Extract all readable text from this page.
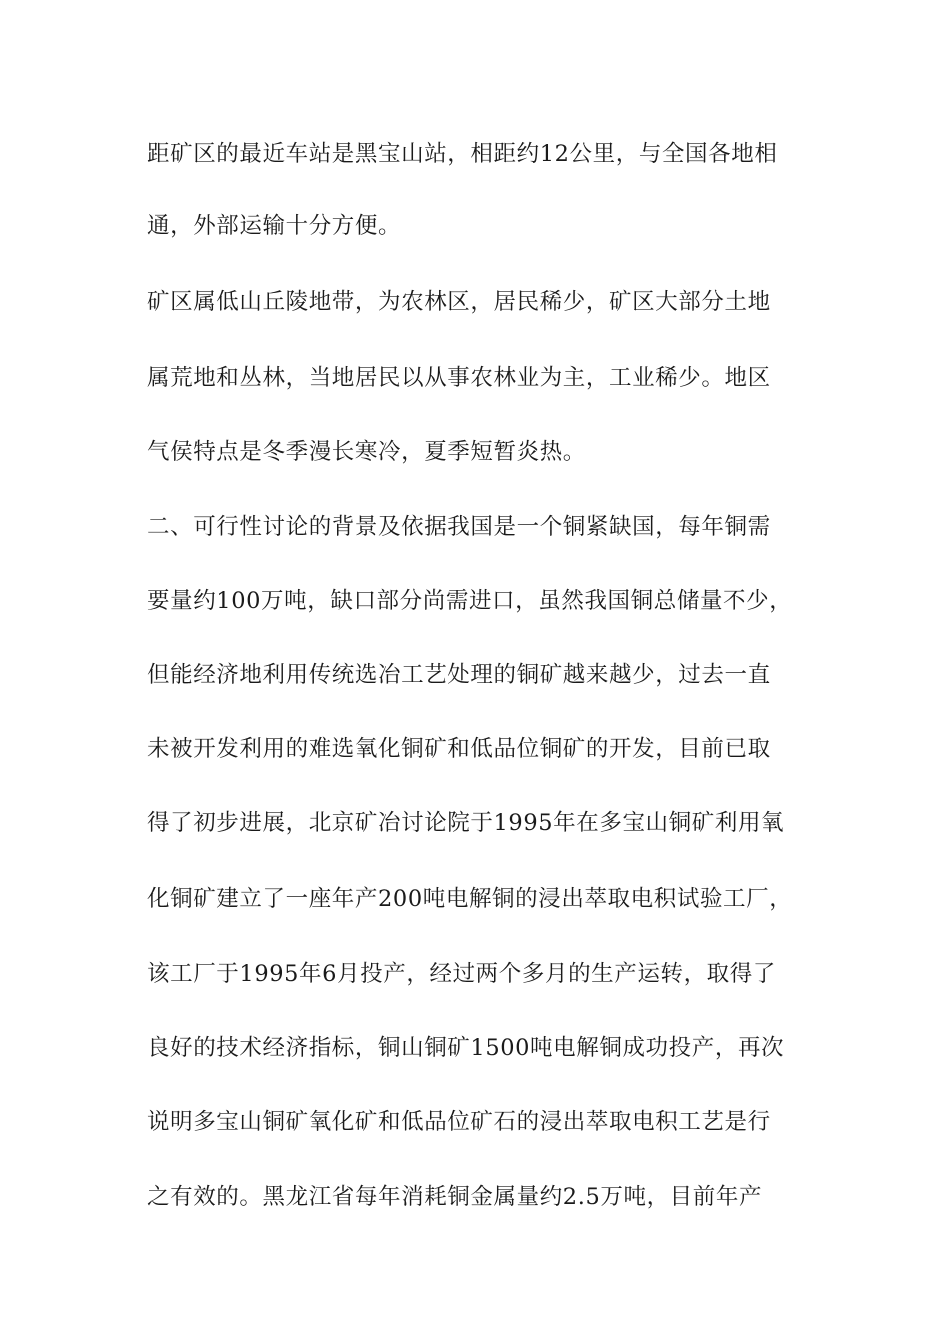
距矿区的最近车站是黑宝山站，相距约12公里，与全国各地相
通，外部运输十分方便。
矿区属低山丘陵地带，为农林区，居民稀少，矿区大部分土地
属荒地和丛林，当地居民以从事农林业为主，工业稀少。地区
气侯特点是冬季漫长寒冷，夏季短暂炎热。
二、可行性讨论的背景及依据我国是一个铜紧缺国，每年铜需
要量约100万吨，缺口部分尚需进口，虽然我国铜总储量不少，
但能经济地利用传统选冶工艺处理的铜矿越来越少，过去一直
未被开发利用的难选氧化铜矿和低品位铜矿的开发，目前已取
得了初步进展，北京矿冶讨论院于1995年在多宝山铜矿利用氧
化铜矿建立了一座年产200吨电解铜的浸出萃取电积试验工厂，
该工厂于1995年6月投产，经过两个多月的生产运转，取得了
良好的技术经济指标，铜山铜矿1500吨电解铜成功投产，再次
说明多宝山铜矿氧化矿和低品位矿石的浸出萃取电积工艺是行
之有效的。黑龙江省每年消耗铜金属量约2.5万吨，目前年产
